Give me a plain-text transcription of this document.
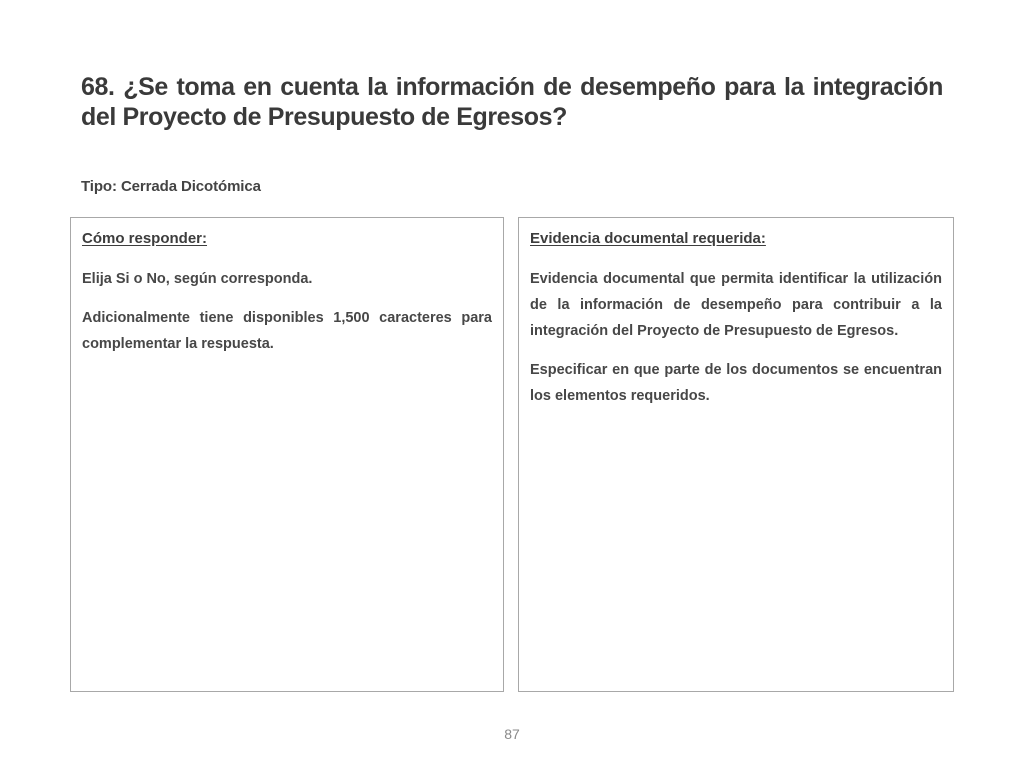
68. ¿Se toma en cuenta la información de desempeño para la integración del Proyecto de Presupuesto de Egresos?
Tipo: Cerrada Dicotómica
Cómo responder:

Elija Si o No, según corresponda.

Adicionalmente tiene disponibles 1,500 caracteres para complementar la respuesta.

Evidencia documental requerida:

Evidencia documental que permita identificar la utilización de la información de desempeño para contribuir a la integración del Proyecto de Presupuesto de Egresos.

Especificar en que parte de los documentos se encuentran los elementos requeridos.

87
